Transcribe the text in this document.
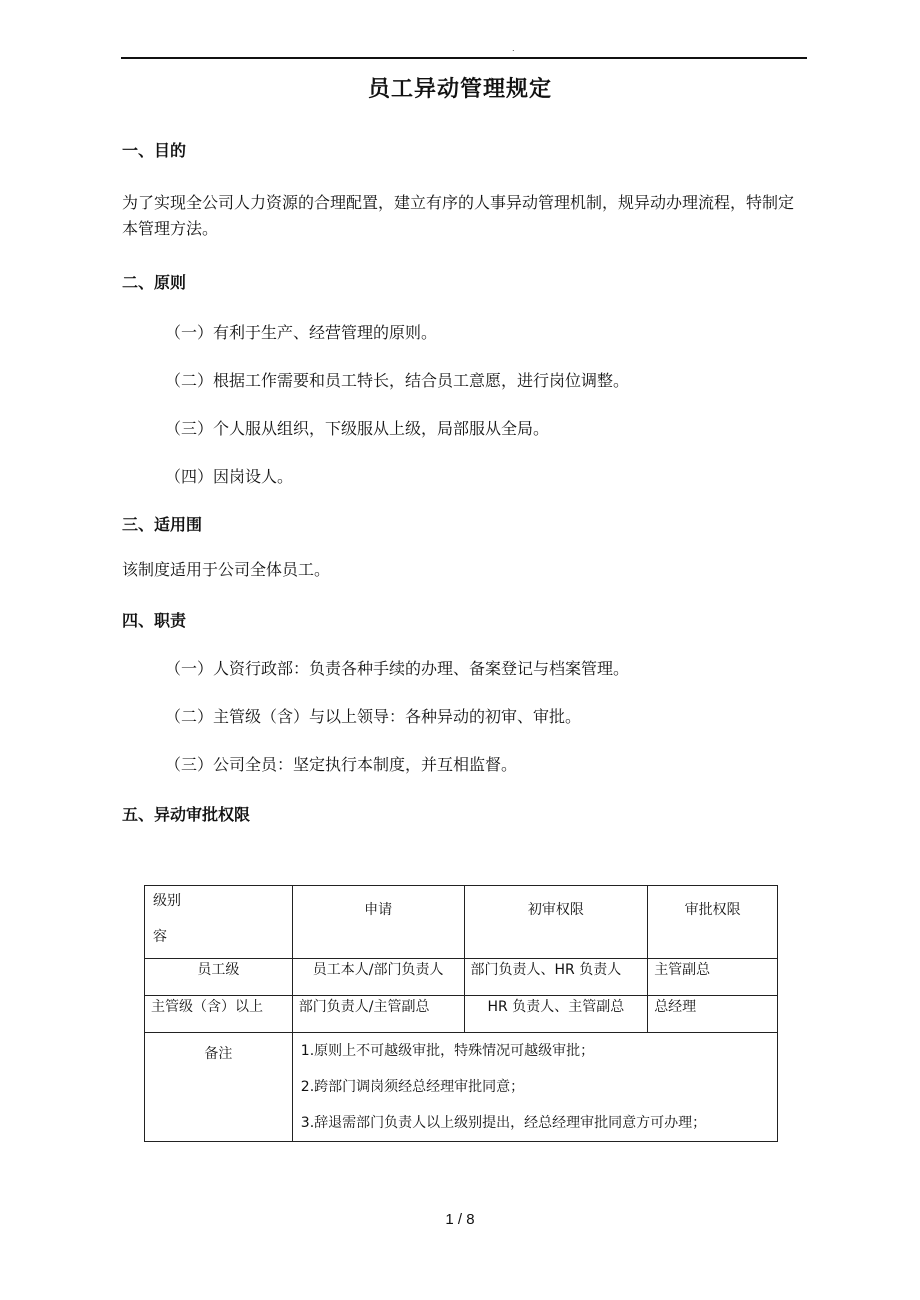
.
员工异动管理规定
一、目的
为了实现全公司人力资源的合理配置，建立有序的人事异动管理机制，规异动办理流程，特制定本管理方法。
二、原则
（一）有利于生产、经营管理的原则。
（二）根据工作需要和员工特长，结合员工意愿，进行岗位调整。
（三）个人服从组织，下级服从上级，局部服从全局。
（四）因岗设人。
三、适用围
该制度适用于公司全体员工。
四、职责
（一）人资行政部：负责各种手续的办理、备案登记与档案管理。
（二）主管级（含）与以上领导：各种异动的初审、审批。
（三）公司全员：坚定执行本制度，并互相监督。
五、异动审批权限
级别
容	申请	初审权限	审批权限

员工级	员工本人/部门负责人	部门负责人、HR 负责人	主管副总

主管级（含）以上	部门负责人/主管副总	HR 负责人、主管副总	总经理

备注	1.原则上不可越级审批，特殊情况可越级审批；
2.跨部门调岗须经总经理审批同意；
3.辞退需部门负责人以上级别提出，经总经理审批同意方可办理；		
1 / 8
